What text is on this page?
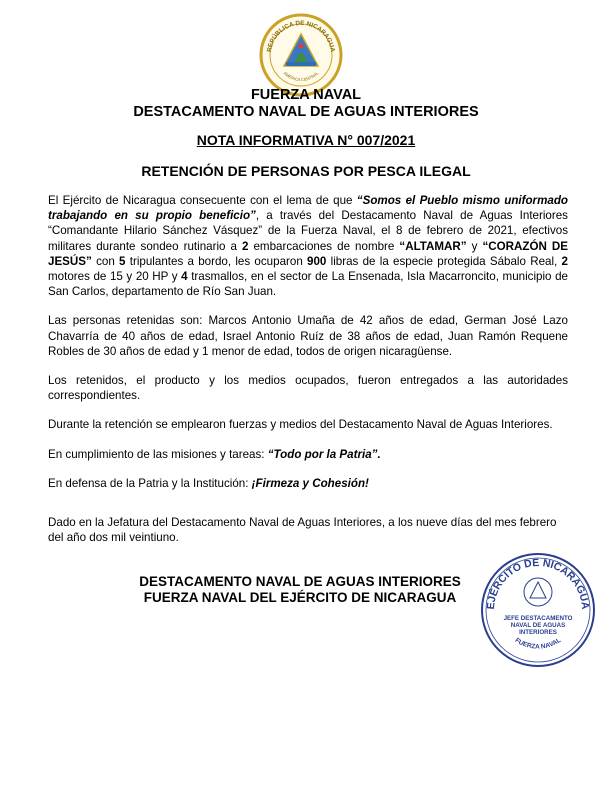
REPÚBLICA DE NICARAGUA
AMÉRICA CENTRAL
FUERZA NAVAL
DESTACAMENTO NAVAL DE AGUAS INTERIORES
NOTA INFORMATIVA N° 007/2021
RETENCIÓN DE PERSONAS POR PESCA ILEGAL

El Ejército de Nicaragua consecuente con el lema de que “Somos el Pueblo mismo uniformado trabajando en su propio beneficio”, a través del Destacamento Naval de Aguas Interiores “Comandante Hilario Sánchez Vásquez” de la Fuerza Naval, el 8 de febrero de 2021, efectivos militares durante sondeo rutinario a 2 embarcaciones de nombre “ALTAMAR” y “CORAZÓN DE JESÚS” con 5 tripulantes a bordo, les ocuparon 900 libras de la especie protegida Sábalo Real, 2 motores de 15 y 20 HP y 4 trasmallos, en el sector de La Ensenada, Isla Macarroncito, municipio de San Carlos, departamento de Río San Juan.

Las personas retenidas son: Marcos Antonio Umaña de 42 años de edad, German José Lazo Chavarría de 40 años de edad, Israel Antonio Ruíz de 38 años de edad, Juan Ramón Requene Robles de 30 años de edad y 1 menor de edad, todos de origen nicaragüense.

Los retenidos, el producto y los medios ocupados, fueron entregados a las autoridades correspondientes.

Durante la retención se emplearon fuerzas y medios del Destacamento Naval de Aguas Interiores.

En cumplimiento de las misiones y tareas: “Todo por la Patria”.

En defensa de la Patria y la Institución: ¡Firmeza y Cohesión!

Dado en la Jefatura del Destacamento Naval de Aguas Interiores, a los nueve días del mes febrero del año dos mil veintiuno.

DESTACAMENTO NAVAL DE AGUAS INTERIORES
FUERZA NAVAL DEL EJÉRCITO DE NICARAGUA
EJÉRCITO DE NICARAGUA
FUERZA NAVAL
JEFE DESTACAMENTO
NAVAL DE AGUAS
INTERIORES
